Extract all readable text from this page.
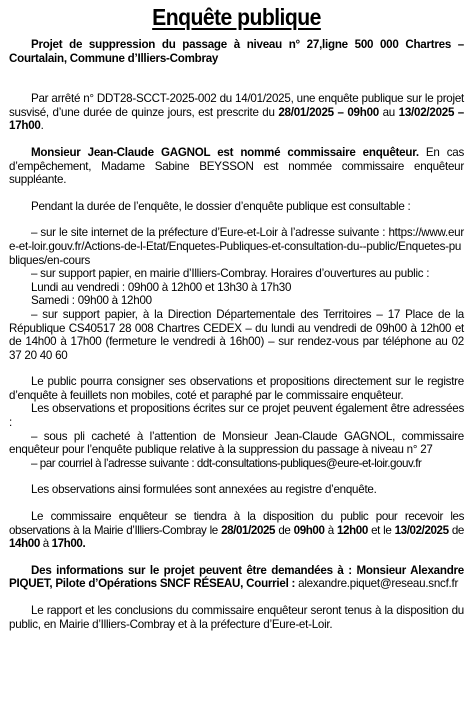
Enquête publique

Projet de suppression du passage à niveau n° 27,ligne 500 000 Chartres – Courtalain, Commune d’Illiers-Combray

Par arrêté n° DDT28-SCCT-2025-002 du 14/01/2025, une enquête publique sur le projet susvisé, d’une durée de quinze jours, est prescrite du 28/01/2025 – 09h00 au 13/02/2025 – 17h00.

Monsieur Jean-Claude GAGNOL est nommé commissaire enquêteur. En cas d’empêchement, Madame Sabine BEYSSON est nommée commissaire enquêteur suppléante.

Pendant la durée de l’enquête, le dossier d’enquête publique est consultable :

– sur le site internet de la préfecture d’Eure-et-Loir à l’adresse suivante : https://www.eure-et-loir.gouv.fr/Actions-de-l-Etat/Enquetes-Publiques-et-consultation-du--public/Enquetes-publiques/en-cours

– sur support papier, en mairie d’Illiers-Combray. Horaires d’ouvertures au public :

Lundi au vendredi : 09h00 à 12h00 et 13h30 à 17h30

Samedi : 09h00 à 12h00

– sur support papier, à la Direction Départementale des Territoires – 17 Place de la République CS40517 28 008 Chartres CEDEX – du lundi au vendredi de 09h00 à 12h00 et de 14h00 à 17h00 (fermeture le vendredi à 16h00) – sur rendez-vous par téléphone au 02 37 20 40 60

Le public pourra consigner ses observations et propositions directement sur le registre d’enquête à feuillets non mobiles, coté et paraphé par le commissaire enquêteur.

Les observations et propositions écrites sur ce projet peuvent également être adressées :

– sous pli cacheté à l’attention de Monsieur Jean-Claude GAGNOL, commissaire enquêteur pour l’enquête publique relative à la suppression du passage à niveau n° 27

– par courriel à l’adresse suivante : ddt-consultations-publiques@eure-et-loir.gouv.fr

Les observations ainsi formulées sont annexées au registre d’enquête.

Le commissaire enquêteur se tiendra à la disposition du public pour recevoir les observations à la Mairie d’Illiers-Combray le 28/01/2025 de 09h00 à 12h00 et le 13/02/2025 de 14h00 à 17h00.

Des informations sur le projet peuvent être demandées à : Monsieur Alexandre PIQUET, Pilote d’Opérations SNCF RÉSEAU, Courriel : alexandre.piquet@reseau.sncf.fr

Le rapport et les conclusions du commissaire enquêteur seront tenus à la disposition du public, en Mairie d’Illiers-Combray et à la préfecture d’Eure-et-Loir.
